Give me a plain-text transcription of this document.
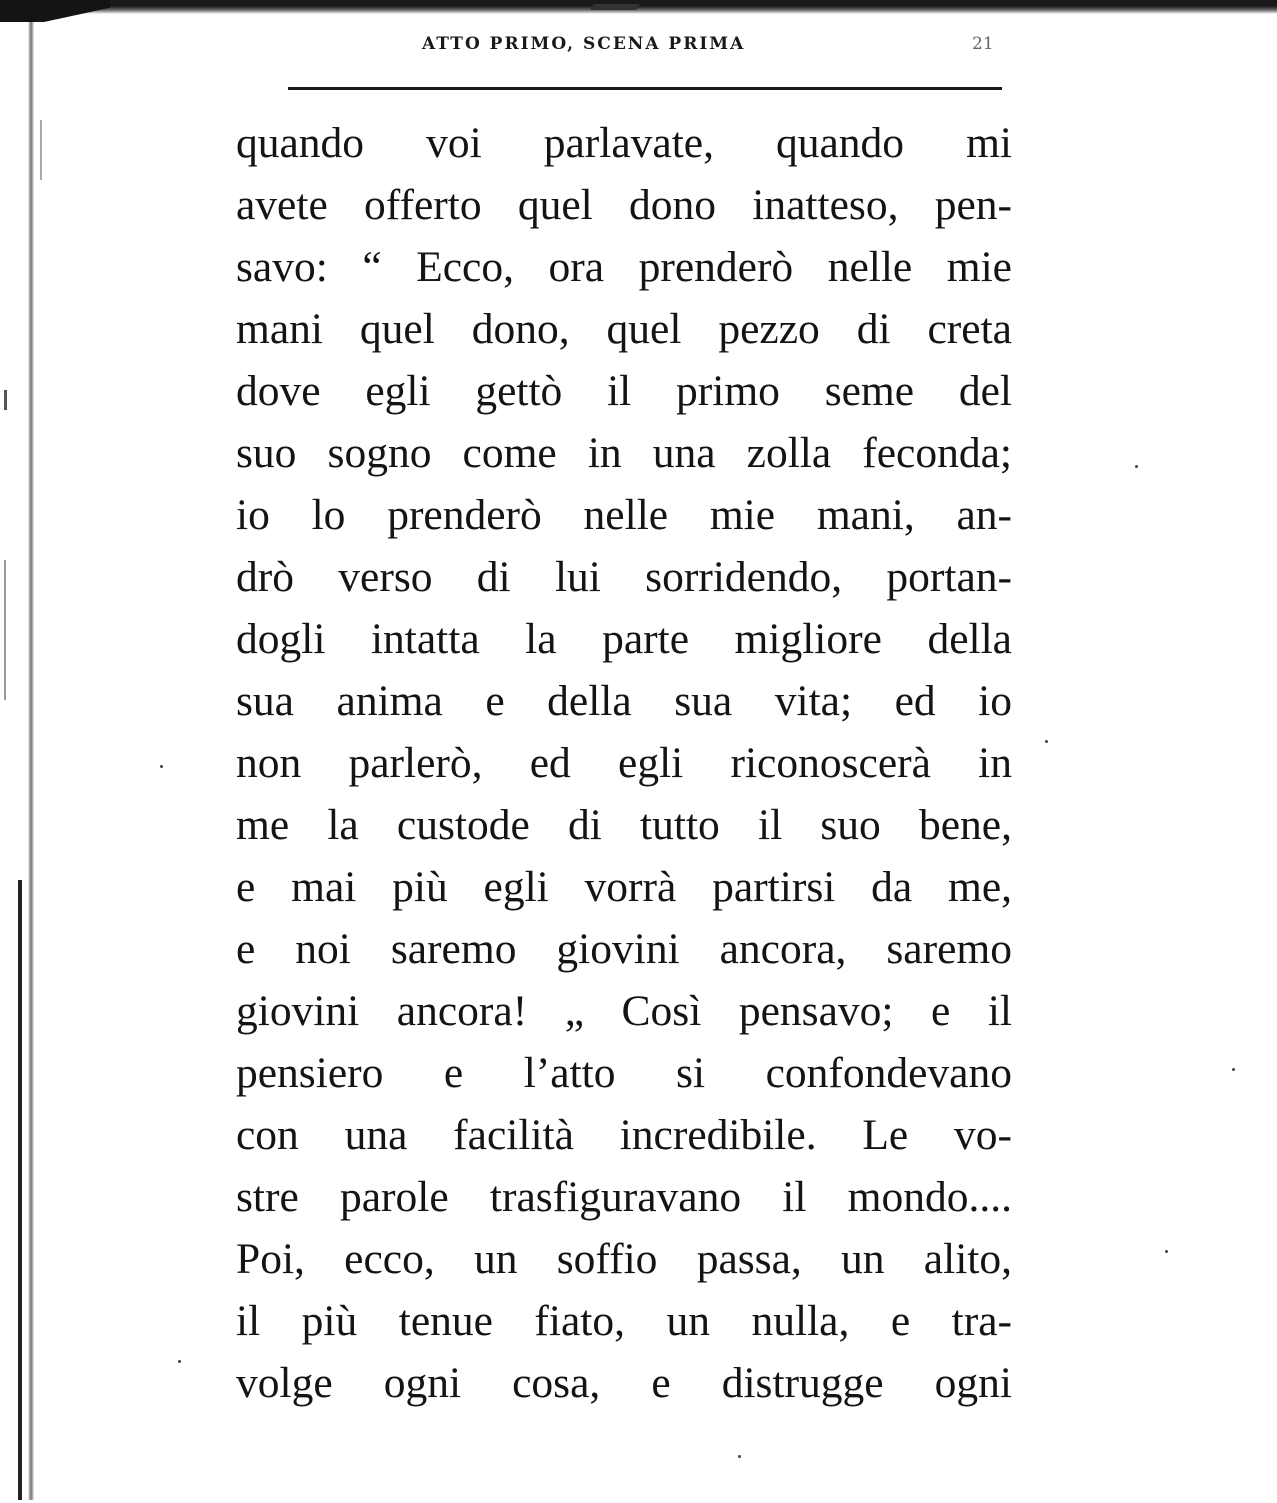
ATTO PRIMO, SCENA PRIMA	21
quando voi parlavate, quando mi
avete offerto quel dono inatteso, pen-
savo: “ Ecco, ora prenderò nelle mie
mani quel dono, quel pezzo di creta
dove egli gettò il primo seme del
suo sogno come in una zolla feconda;
io lo prenderò nelle mie mani, an-
drò verso di lui sorridendo, portan-
dogli intatta la parte migliore della
sua anima e della sua vita; ed io
non parlerò, ed egli riconoscerà in
me la custode di tutto il suo bene,
e mai più egli vorrà partirsi da me,
e noi saremo giovini ancora, saremo
giovini ancora! „ Così pensavo; e il
pensiero e l’atto si confondevano
con una facilità incredibile. Le vo-
stre parole trasfiguravano il mondo....
Poi, ecco, un soffio passa, un alito,
il più tenue fiato, un nulla, e tra-
volge ogni cosa, e distrugge ogni
